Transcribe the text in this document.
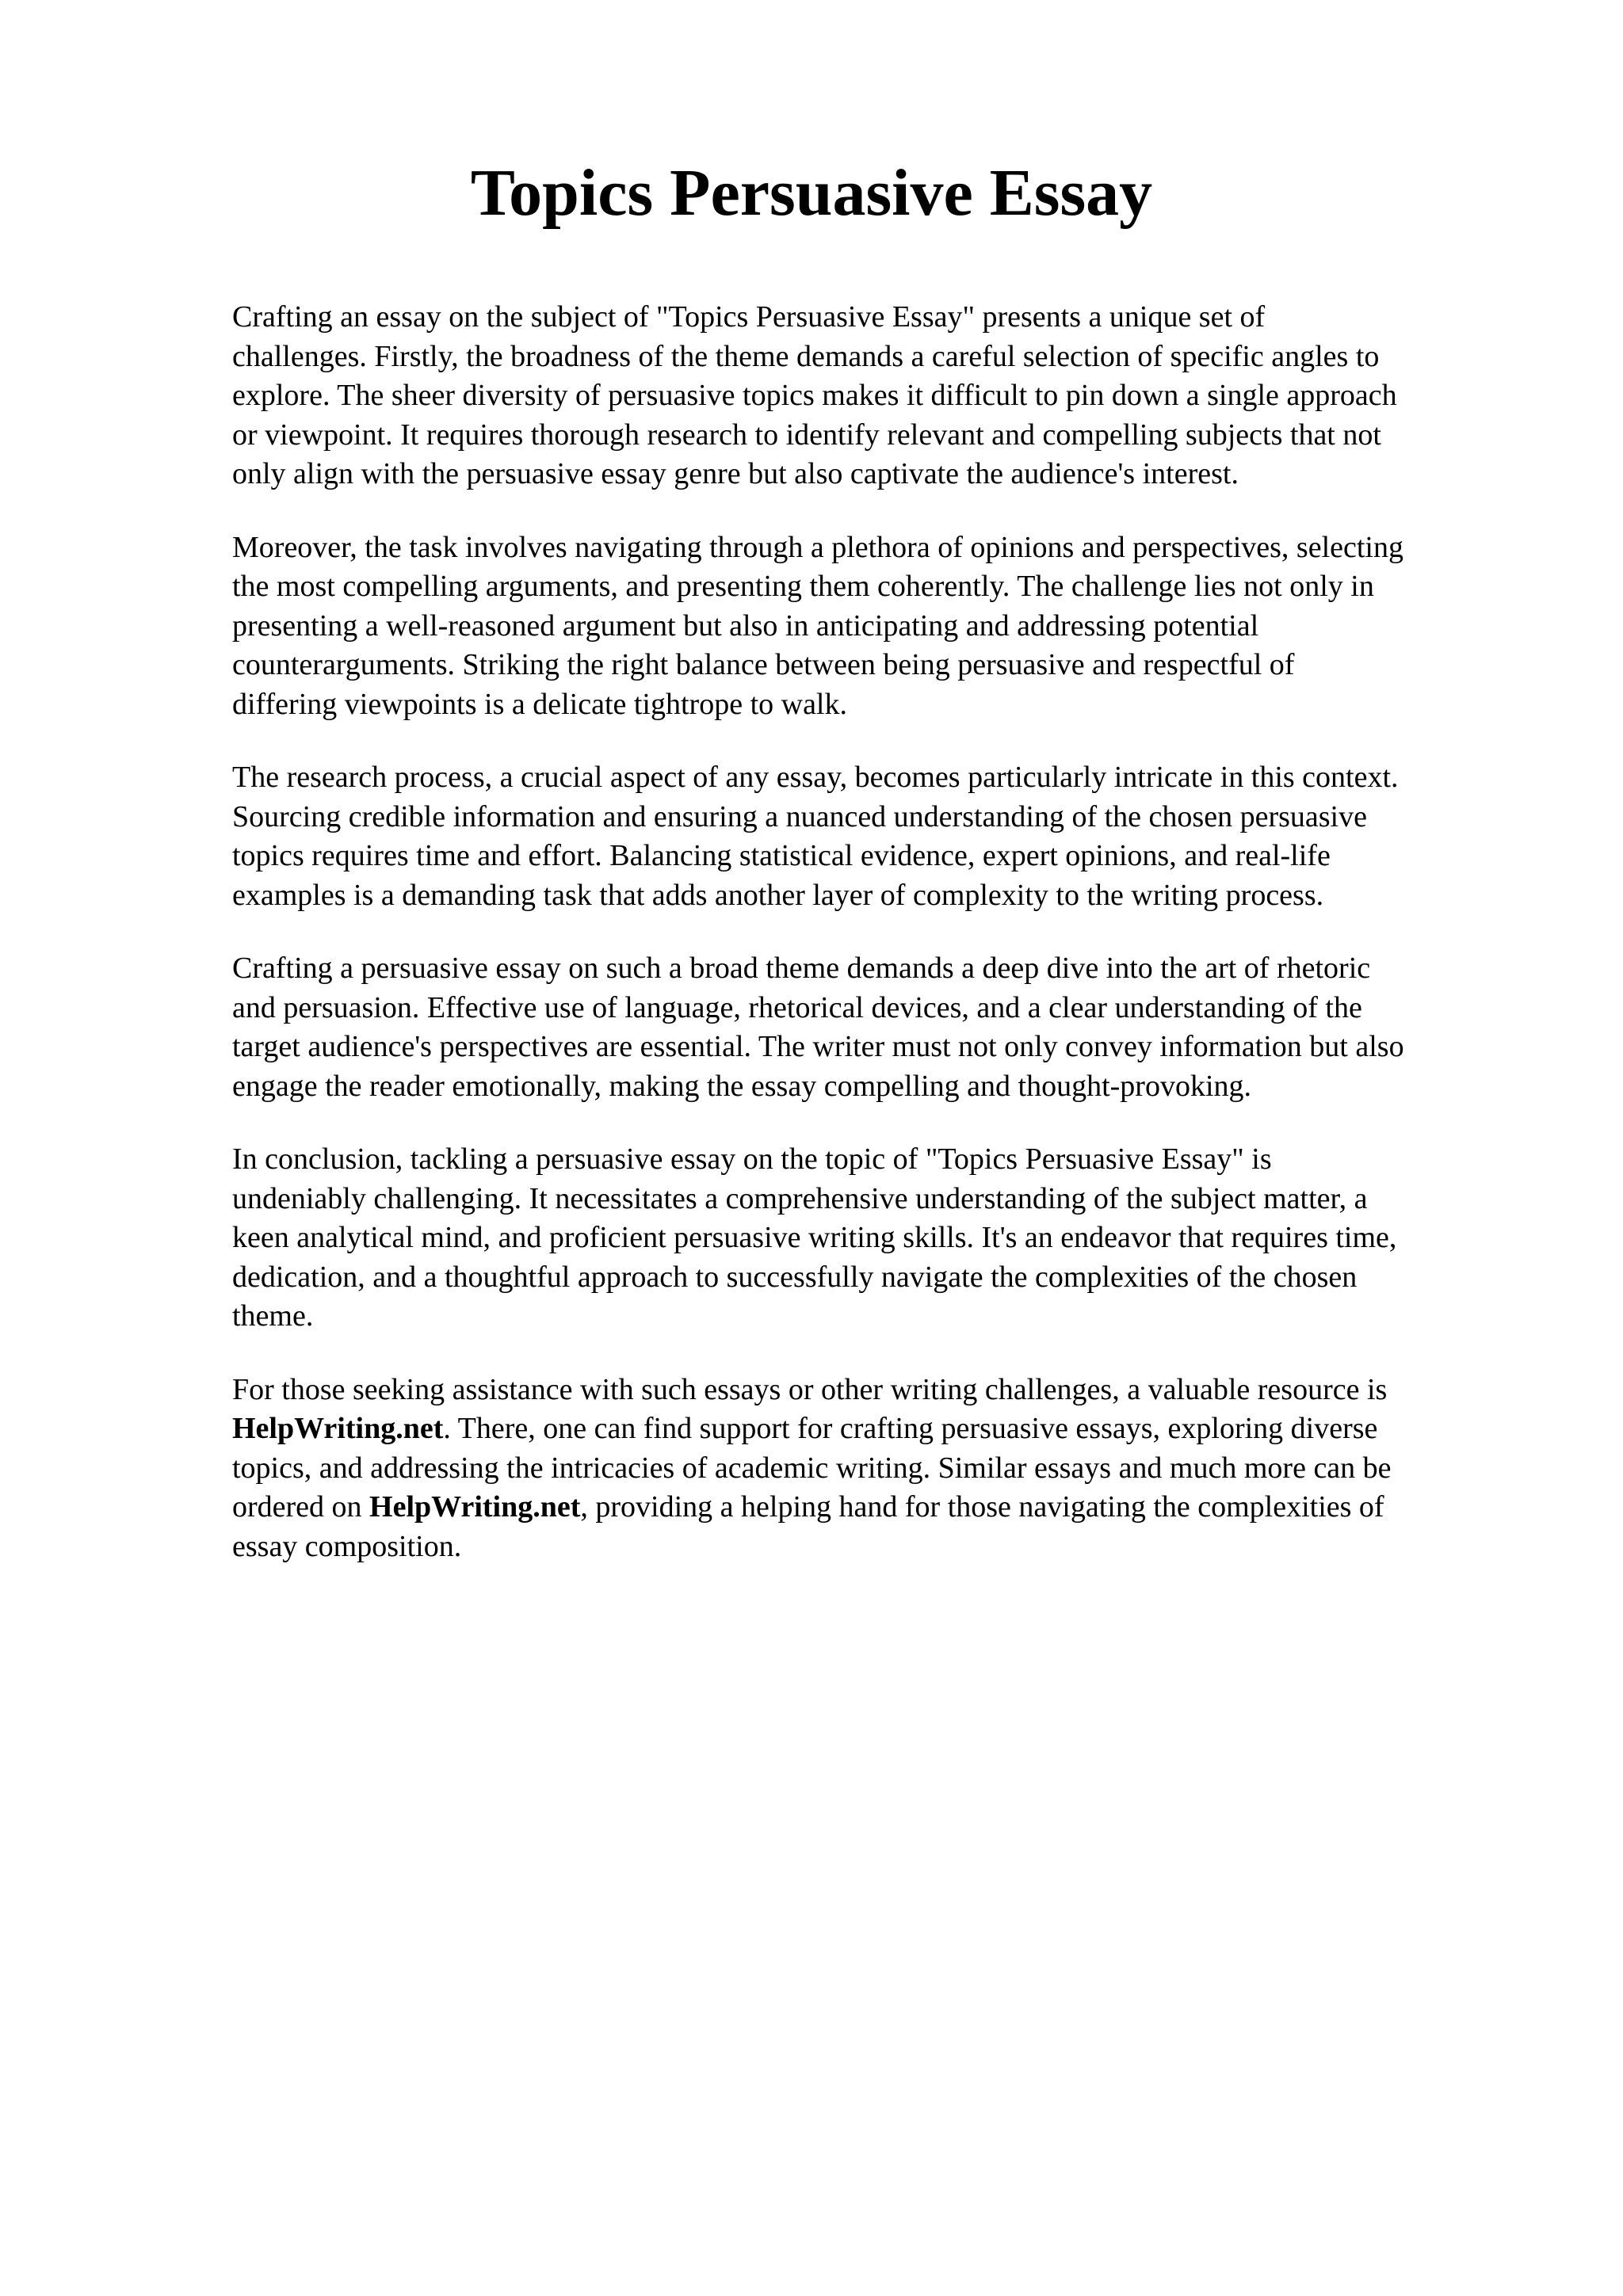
Topics Persuasive Essay

Crafting an essay on the subject of "Topics Persuasive Essay" presents a unique set of
challenges. Firstly, the broadness of the theme demands a careful selection of specific angles to
explore. The sheer diversity of persuasive topics makes it difficult to pin down a single approach
or viewpoint. It requires thorough research to identify relevant and compelling subjects that not
only align with the persuasive essay genre but also captivate the audience's interest.

Moreover, the task involves navigating through a plethora of opinions and perspectives, selecting
the most compelling arguments, and presenting them coherently. The challenge lies not only in
presenting a well-reasoned argument but also in anticipating and addressing potential
counterarguments. Striking the right balance between being persuasive and respectful of
differing viewpoints is a delicate tightrope to walk.

The research process, a crucial aspect of any essay, becomes particularly intricate in this context.
Sourcing credible information and ensuring a nuanced understanding of the chosen persuasive
topics requires time and effort. Balancing statistical evidence, expert opinions, and real-life
examples is a demanding task that adds another layer of complexity to the writing process.

Crafting a persuasive essay on such a broad theme demands a deep dive into the art of rhetoric
and persuasion. Effective use of language, rhetorical devices, and a clear understanding of the
target audience's perspectives are essential. The writer must not only convey information but also
engage the reader emotionally, making the essay compelling and thought-provoking.

In conclusion, tackling a persuasive essay on the topic of "Topics Persuasive Essay" is
undeniably challenging. It necessitates a comprehensive understanding of the subject matter, a
keen analytical mind, and proficient persuasive writing skills. It's an endeavor that requires time,
dedication, and a thoughtful approach to successfully navigate the complexities of the chosen
theme.

For those seeking assistance with such essays or other writing challenges, a valuable resource is
HelpWriting.net. There, one can find support for crafting persuasive essays, exploring diverse
topics, and addressing the intricacies of academic writing. Similar essays and much more can be
ordered on HelpWriting.net, providing a helping hand for those navigating the complexities of
essay composition.
